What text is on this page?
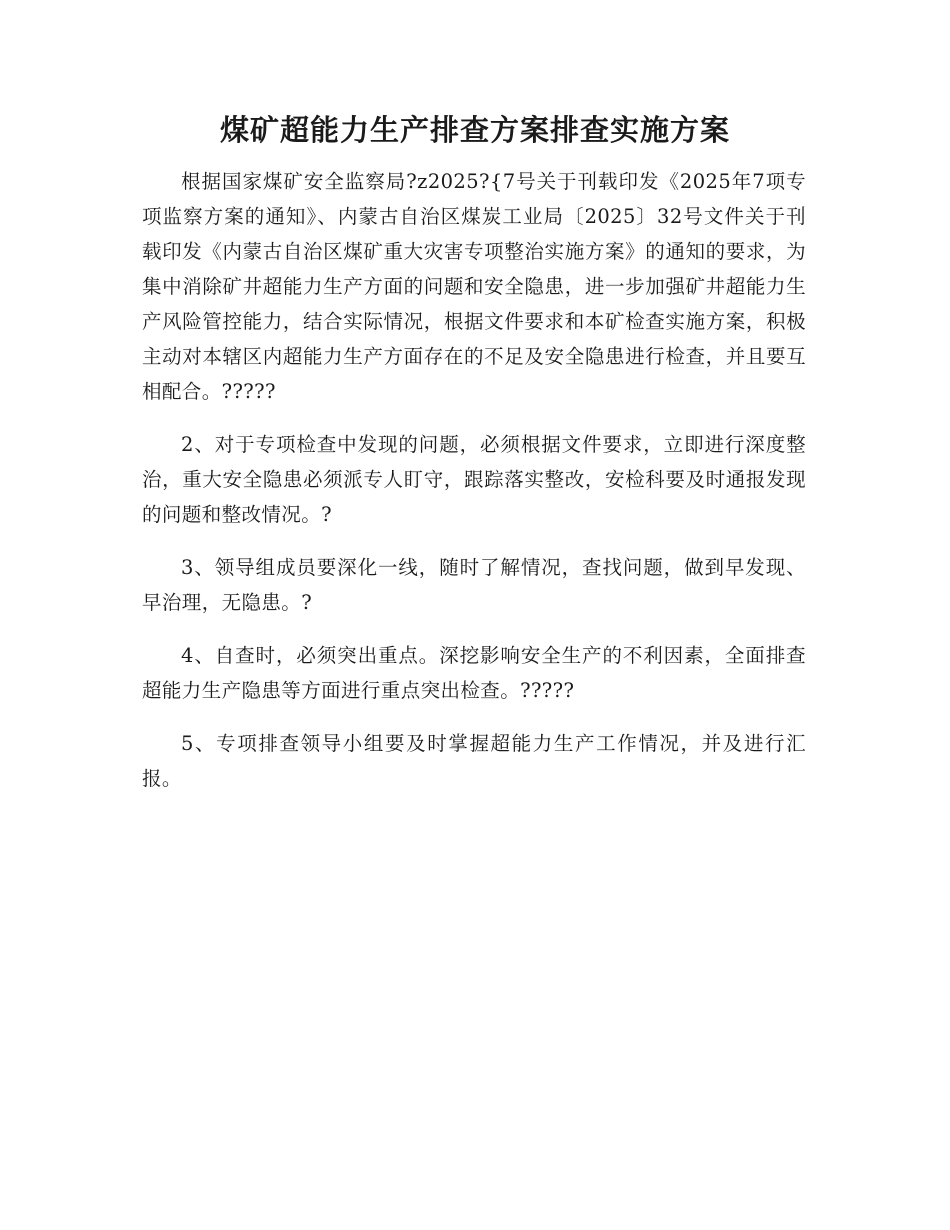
煤矿超能力生产排查方案排查实施方案

根据国家煤矿安全监察局?z2025?{7号关于刊载印发《2025年7项专项监察方案的通知》、内蒙古自治区煤炭工业局〔2025〕32号文件关于刊载印发《内蒙古自治区煤矿重大灾害专项整治实施方案》的通知的要求，为集中消除矿井超能力生产方面的问题和安全隐患，进一步加强矿井超能力生产风险管控能力，结合实际情况，根据文件要求和本矿检查实施方案，积极主动对本辖区内超能力生产方面存在的不足及安全隐患进行检查，并且要互相配合。?????

2、对于专项检查中发现的问题，必须根据文件要求，立即进行深度整治，重大安全隐患必须派专人盯守，跟踪落实整改，安检科要及时通报发现的问题和整改情况。?

3、领导组成员要深化一线，随时了解情况，查找问题，做到早发现、早治理，无隐患。?

4、自查时，必须突出重点。深挖影响安全生产的不利因素，全面排查超能力生产隐患等方面进行重点突出检查。?????

5、专项排查领导小组要及时掌握超能力生产工作情况，并及进行汇报。
